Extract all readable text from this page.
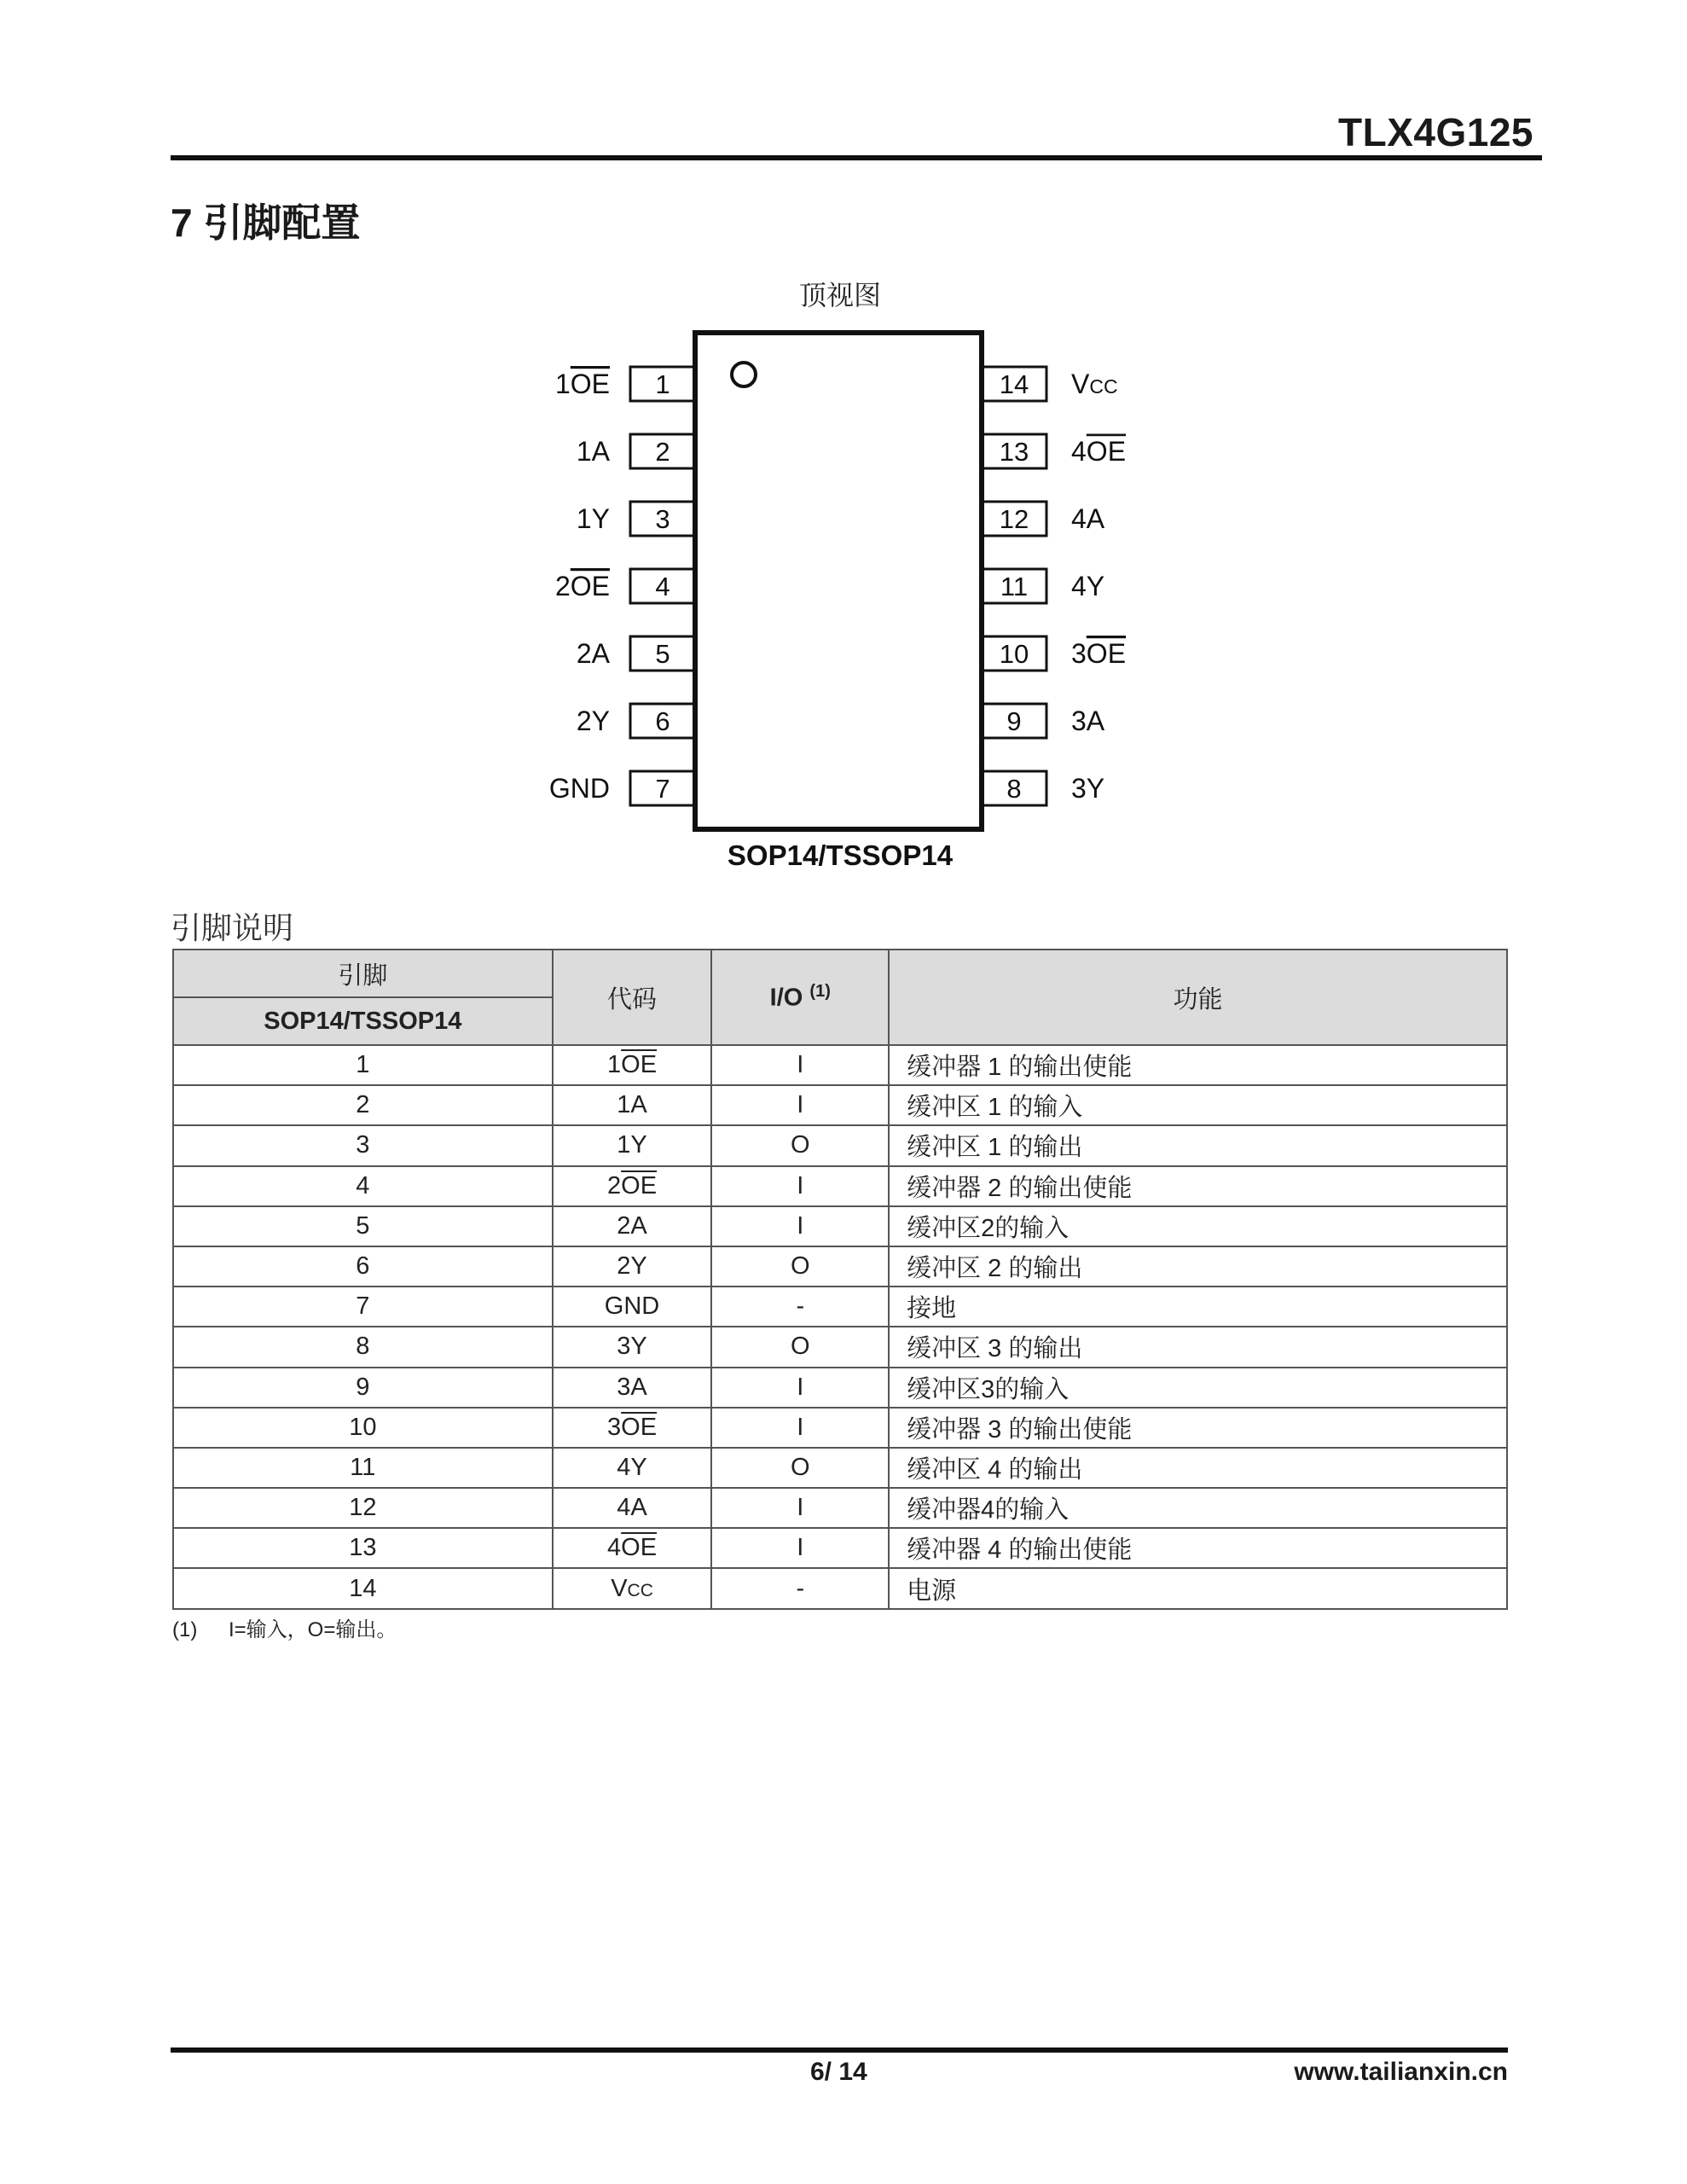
TLX4G125
7 引脚配置
顶视图
1
1OE
2
1A
3
1Y
4
2OE
5
2A
6
2Y
7
GND
14 VCC
13 4OE
12 4A
11 4Y
10 3OE
9 3A
8 3Y
SOP14/TSSOP14
引脚说明
引脚	代码	I/O $^{(1)}$	功能
SOP14/TSSOP14			
1	$1\overline{OE}$	I	缓冲器 1 的输出使能
2	1A	I	缓冲区 1 的输入
3	1Y	O	缓冲区 1 的输出
4	$2\overline{OE}$	I	缓冲器 2 的输出使能
5	2A	I	缓冲区2的输入
6	2Y	O	缓冲区 2 的输出
7	GND	-	接地
8	3Y	O	缓冲区 3 的输出
9	3A	I	缓冲区3的输入
10	$3\overline{OE}$	I	缓冲器 3 的输出使能
11	4Y	O	缓冲区 4 的输出
12	4A	I	缓冲器4的输入
13	$4\overline{OE}$	I	缓冲器 4 的输出使能
14	VCC	-	电源
(1) I=输入，O=输出。
6/ 14	www.tailianxin.cn
